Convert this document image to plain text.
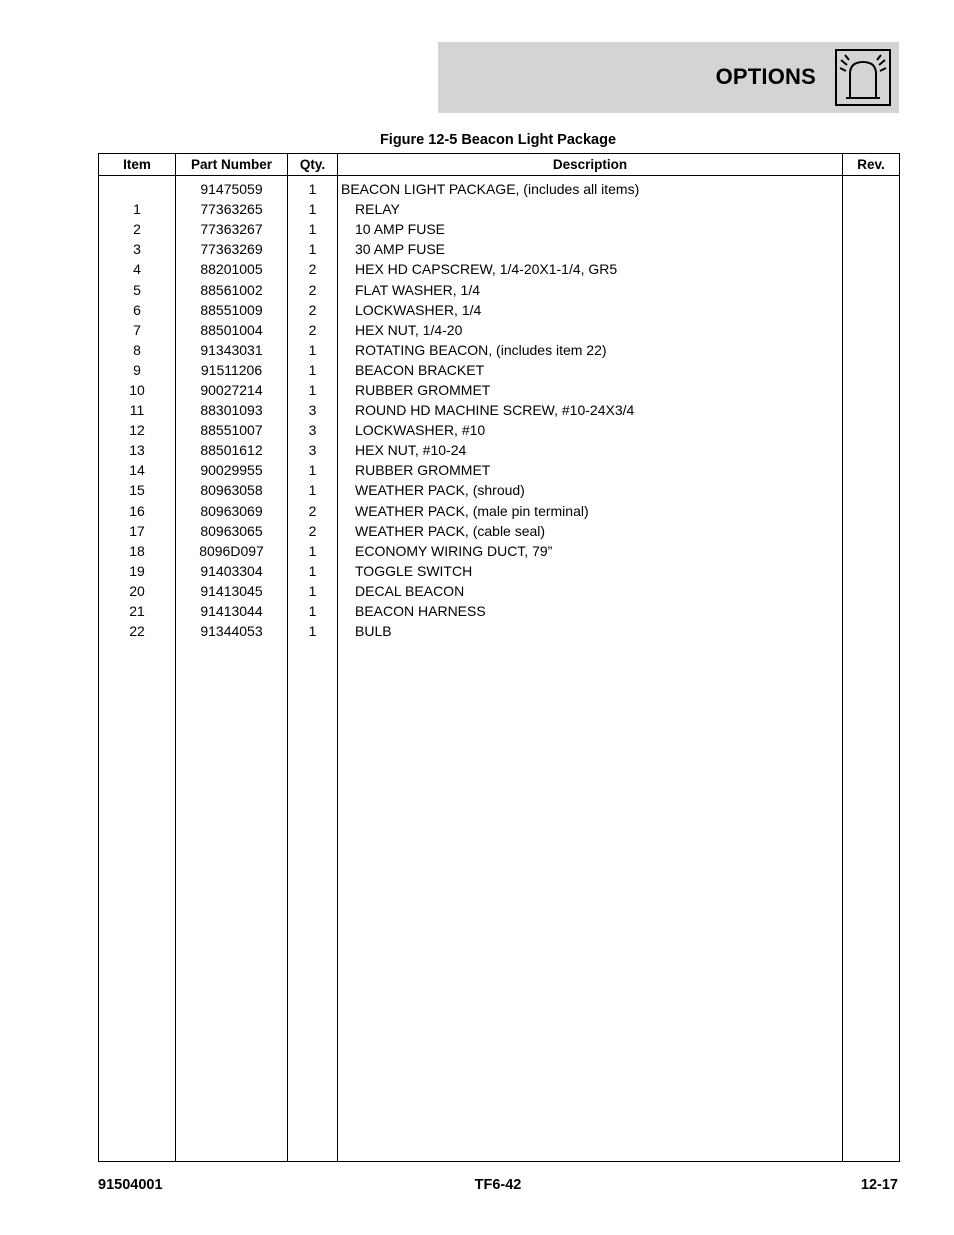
OPTIONS
Figure 12-5 Beacon Light Package
Item	Part Number	Qty.	Description	Rev.
	91475059	1	BEACON LIGHT PACKAGE, (includes all items)	
1	77363265	1	RELAY	
2	77363267	1	10 AMP FUSE	
3	77363269	1	30 AMP FUSE	
4	88201005	2	HEX HD CAPSCREW, 1/4-20X1-1/4, GR5	
5	88561002	2	FLAT WASHER, 1/4	
6	88551009	2	LOCKWASHER, 1/4	
7	88501004	2	HEX NUT, 1/4-20	
8	91343031	1	ROTATING BEACON, (includes item 22)	
9	91511206	1	BEACON BRACKET	
10	90027214	1	RUBBER GROMMET	
11	88301093	3	ROUND HD MACHINE SCREW, #10-24X3/4	
12	88551007	3	LOCKWASHER, #10	
13	88501612	3	HEX NUT, #10-24	
14	90029955	1	RUBBER GROMMET	
15	80963058	1	WEATHER PACK, (shroud)	
16	80963069	2	WEATHER PACK, (male pin terminal)	
17	80963065	2	WEATHER PACK, (cable seal)	
18	8096D097	1	ECONOMY WIRING DUCT, 79”	
19	91403304	1	TOGGLE SWITCH	
20	91413045	1	DECAL BEACON	
21	91413044	1	BEACON HARNESS	
22	91344053	1	BULB	

91504001	TF6-42	12-17
